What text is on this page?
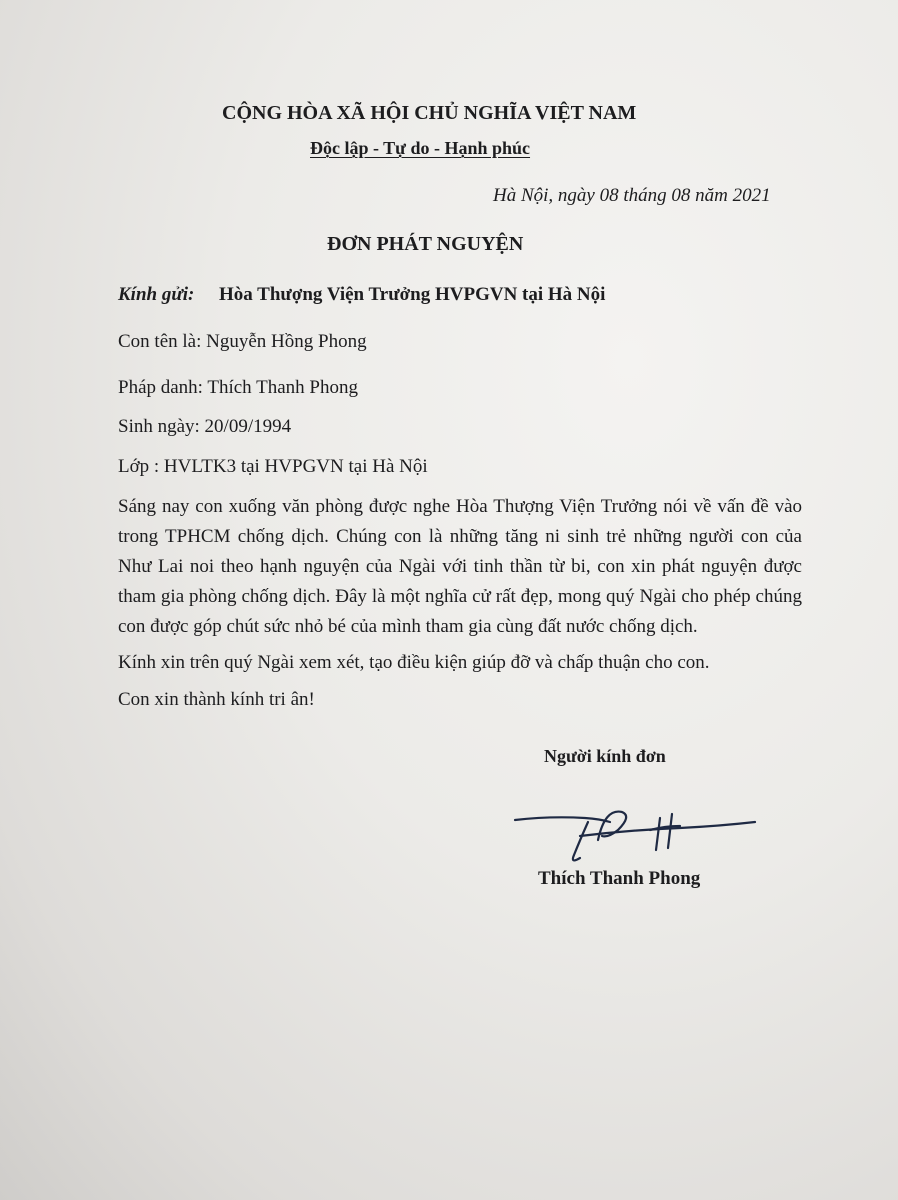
CỘNG HÒA XÃ HỘI CHỦ NGHĨA VIỆT NAM
Độc lập - Tự do - Hạnh phúc
Hà Nội, ngày 08 tháng 08 năm 2021
ĐƠN PHÁT NGUYỆN
Kính gửi: Hòa Thượng Viện Trưởng HVPGVN tại Hà Nội
Con tên là: Nguyễn Hồng Phong
Pháp danh: Thích Thanh Phong
Sinh ngày: 20/09/1994
Lớp : HVLTK3 tại HVPGVN tại Hà Nội
Sáng nay con xuống văn phòng được nghe Hòa Thượng Viện Trưởng nói về vấn đề vào trong TPHCM chống dịch. Chúng con là những tăng ni sinh trẻ những người con của Như Lai noi theo hạnh nguyện của Ngài với tinh thần từ bi, con xin phát nguyện được tham gia phòng chống dịch. Đây là một nghĩa cử rất đẹp, mong quý Ngài cho phép chúng con được góp chút sức nhỏ bé của mình tham gia cùng đất nước chống dịch.
Kính xin trên quý Ngài xem xét, tạo điều kiện giúp đỡ và chấp thuận cho con.
Con xin thành kính tri ân!
Người kính đơn
Thích Thanh Phong
